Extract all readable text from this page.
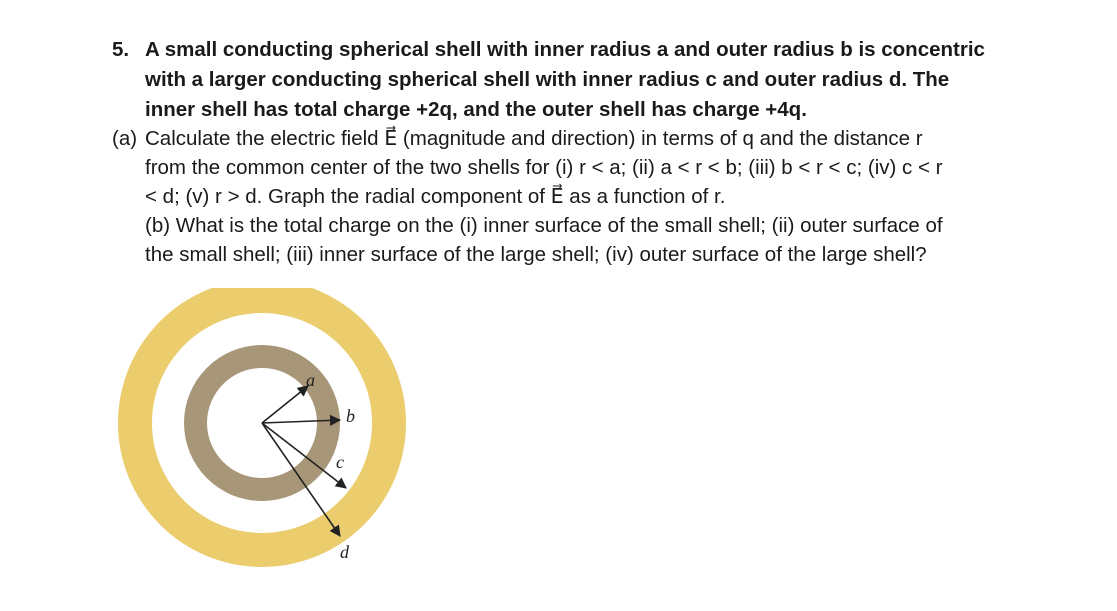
5. A small conducting spherical shell with inner radius a and outer radius b is concentric
with a larger conducting spherical shell with inner radius c and outer radius d. The
inner shell has total charge +2q, and the outer shell has charge +4q.
(a) Calculate the electric field E⃗ (magnitude and direction) in terms of q and the distance r
from the common center of the two shells for (i) r < a; (ii) a < r < b; (iii) b < r < c; (iv) c < r
< d; (v) r > d. Graph the radial component of E⃗ as a function of r.
(b) What is the total charge on the (i) inner surface of the small shell; (ii) outer surface of
the small shell; (iii) inner surface of the large shell; (iv) outer surface of the large shell?
a
b
c
d
